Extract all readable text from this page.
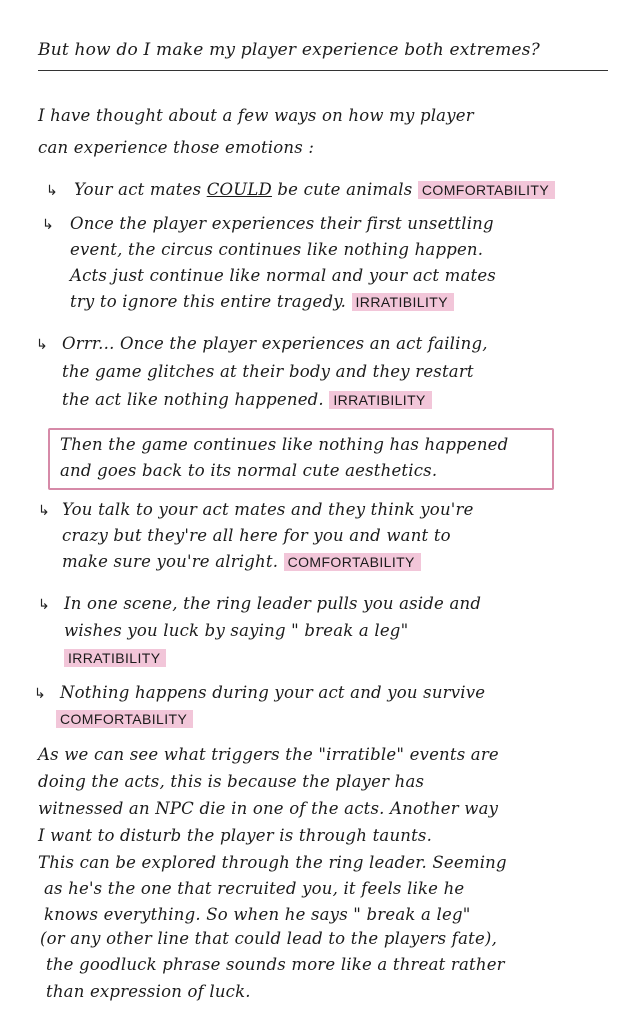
But how do I make my player experience both extremes?
I have thought about a few ways on how my player
can experience those emotions :
↳ Your act mates COULD be cute animals COMFORTABILITY
↳ Once the player experiences their first unsettling
event, the circus continues like nothing happen.
Acts just continue like normal and your act mates
try to ignore this entire tragedy. IRRATIBILITY
↳ Orrr... Once the player experiences an act failing,
the game glitches at their body and they restart
the act like nothing happened. IRRATIBILITY
Then the game continues like nothing has happened
and goes back to its normal cute aesthetics.
↳ You talk to your act mates and they think you're
crazy but they're all here for you and want to
make sure you're alright. COMFORTABILITY
↳ In one scene, the ring leader pulls you aside and
wishes you luck by saying " break a leg"
IRRATIBILITY
↳ Nothing happens during your act and you survive
COMFORTABILITY
As we can see what triggers the "irratible" events are
doing the acts, this is because the player has
witnessed an NPC die in one of the acts. Another way
I want to disturb the player is through taunts.
This can be explored through the ring leader. Seeming
as he's the one that recruited you, it feels like he
knows everything. So when he says " break a leg"
(or any other line that could lead to the players fate),
the goodluck phrase sounds more like a threat rather
than expression of luck.
